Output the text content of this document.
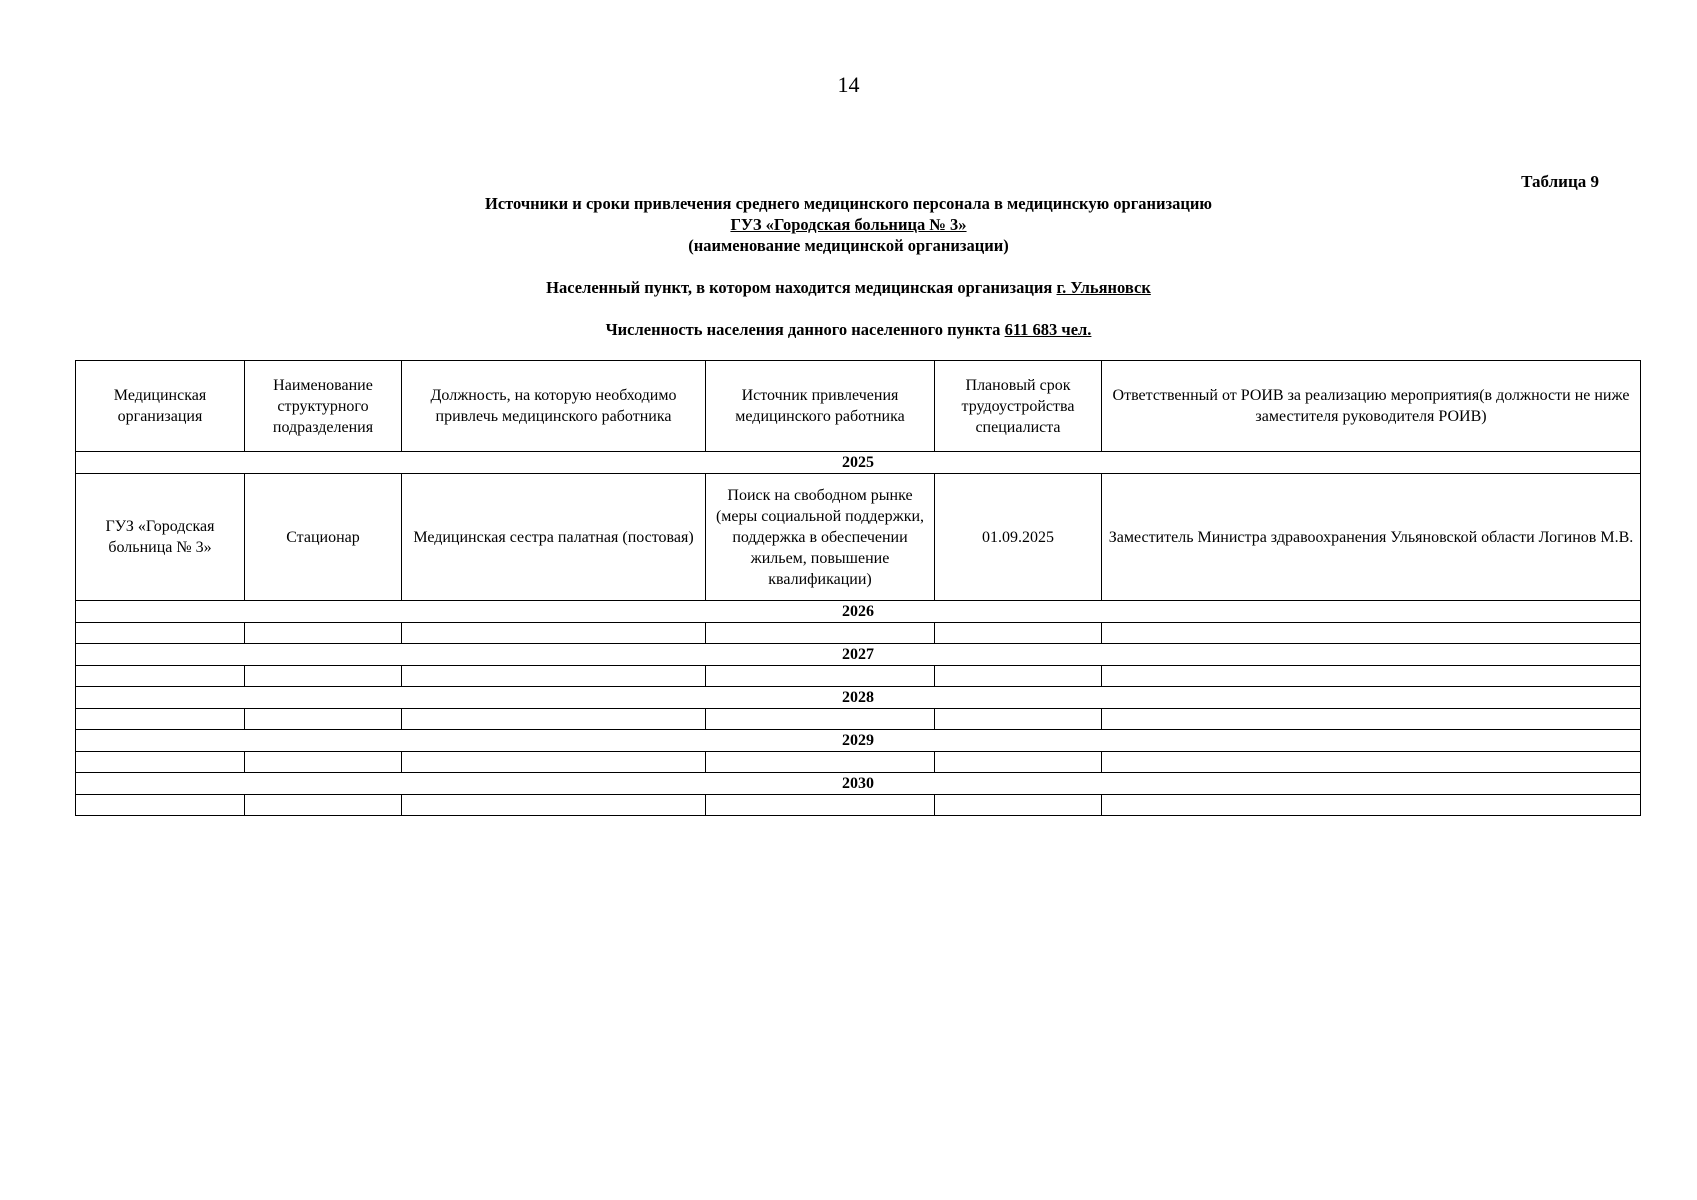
14
Таблица 9
Источники и сроки привлечения среднего медицинского персонала в медицинскую организацию
ГУЗ «Городская больница № 3»
(наименование медицинской организации)
Населенный пункт, в котором находится медицинская организация г. Ульяновск
Численность населения данного населенного пункта 611 683 чел.
Медицинская организация	Наименование структурного подразделения	Должность, на которую необходимо привлечь медицинского работника	Источник привлечения медицинского работника	Плановый срок трудоустройства специалиста	Ответственный от РОИВ за реализацию мероприятия(в должности не ниже заместителя руководителя РОИВ)
2025					
ГУЗ «Городская больница № 3»	Стационар	Медицинская сестра палатная (постовая)	Поиск на свободном рынке (меры социальной поддержки, поддержка в обеспечении жильем, повышение квалификации)	01.09.2025	Заместитель Министра здравоохранения Ульяновской области Логинов М.В.
2026					

2027					

2028					

2029					

2030					
